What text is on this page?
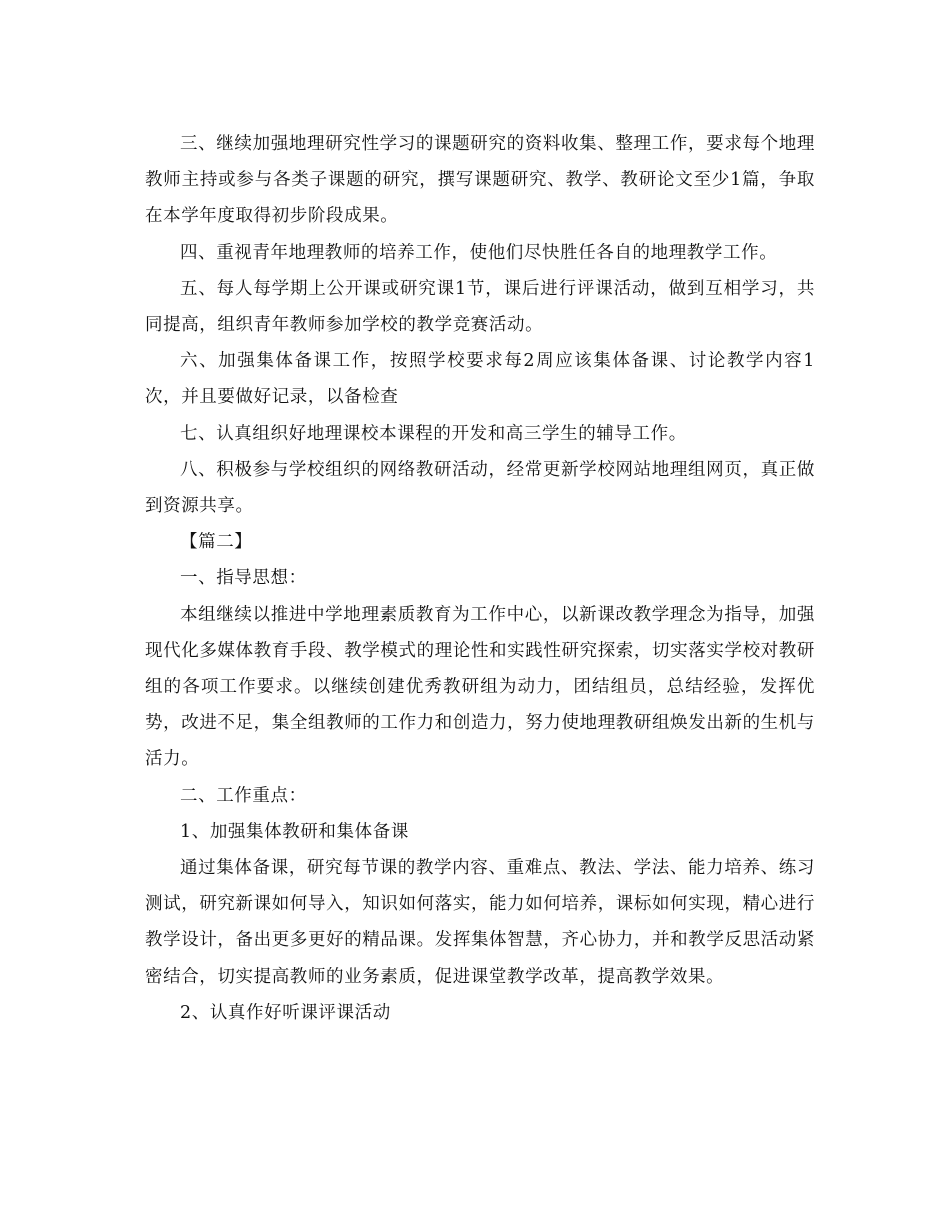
三、继续加强地理研究性学习的课题研究的资料收集、整理工作，要求每个地理教师主持或参与各类子课题的研究，撰写课题研究、教学、教研论文至少1篇，争取在本学年度取得初步阶段成果。

四、重视青年地理教师的培养工作，使他们尽快胜任各自的地理教学工作。

五、每人每学期上公开课或研究课1节，课后进行评课活动，做到互相学习，共同提高，组织青年教师参加学校的教学竞赛活动。

六、加强集体备课工作，按照学校要求每2周应该集体备课、讨论教学内容1次，并且要做好记录，以备检查

七、认真组织好地理课校本课程的开发和高三学生的辅导工作。

八、积极参与学校组织的网络教研活动，经常更新学校网站地理组网页，真正做到资源共享。

【篇二】

一、指导思想：

本组继续以推进中学地理素质教育为工作中心，以新课改教学理念为指导，加强现代化多媒体教育手段、教学模式的理论性和实践性研究探索，切实落实学校对教研组的各项工作要求。以继续创建优秀教研组为动力，团结组员，总结经验，发挥优势，改进不足，集全组教师的工作力和创造力，努力使地理教研组焕发出新的生机与活力。

二、工作重点：

1、加强集体教研和集体备课

通过集体备课，研究每节课的教学内容、重难点、教法、学法、能力培养、练习测试，研究新课如何导入，知识如何落实，能力如何培养，课标如何实现，精心进行教学设计，备出更多更好的精品课。发挥集体智慧，齐心协力，并和教学反思活动紧密结合，切实提高教师的业务素质，促进课堂教学改革，提高教学效果。

2、认真作好听课评课活动
